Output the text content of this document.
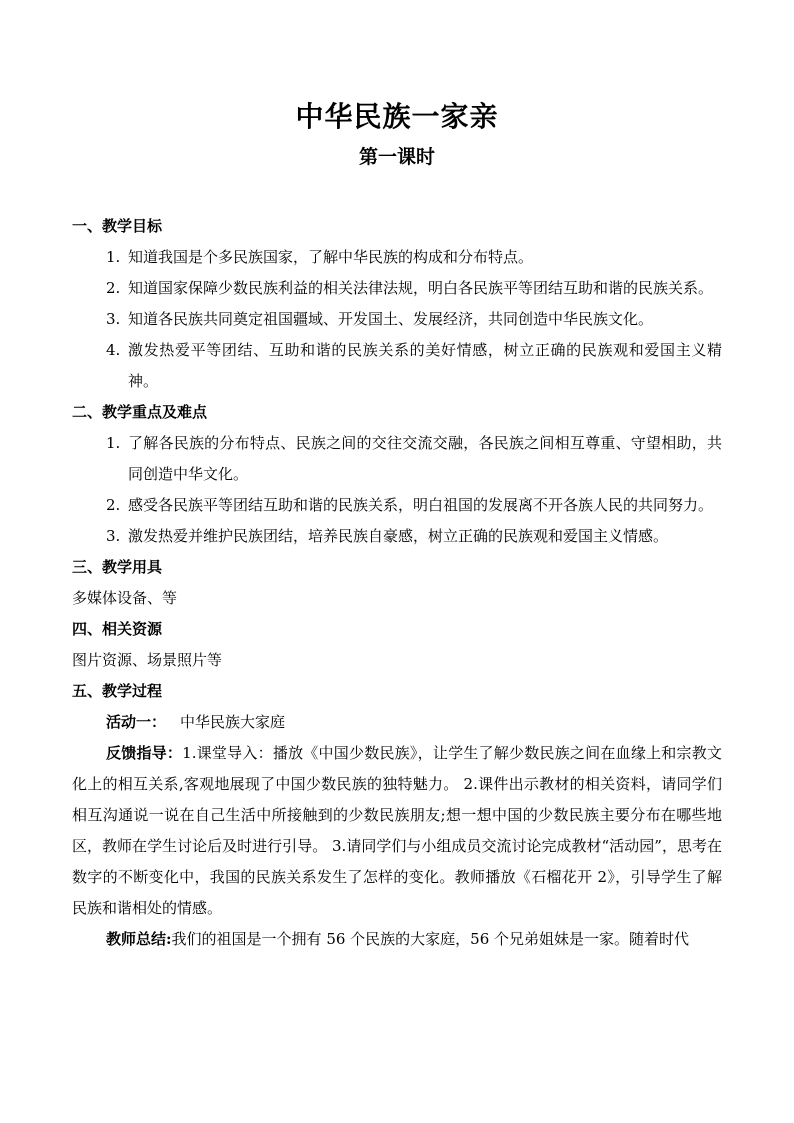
中华民族一家亲
第一课时

一、教学目标

1. 知道我国是个多民族国家，了解中华民族的构成和分布特点。
2. 知道国家保障少数民族利益的相关法律法规，明白各民族平等团结互助和谐的民族关系。
3. 知道各民族共同奠定祖国疆域、开发国土、发展经济，共同创造中华民族文化。
4. 激发热爱平等团结、互助和谐的民族关系的美好情感，树立正确的民族观和爱国主义精神。

二、教学重点及难点

1. 了解各民族的分布特点、民族之间的交往交流交融，各民族之间相互尊重、守望相助，共同创造中华文化。
2. 感受各民族平等团结互助和谐的民族关系，明白祖国的发展离不开各族人民的共同努力。
3. 激发热爱并维护民族团结，培养民族自豪感，树立正确的民族观和爱国主义情感。

三、教学用具

多媒体设备、等

四、相关资源

图片资源、场景照片等

五、教学过程

活动一： 中华民族大家庭

反馈指导：1.课堂导入：播放《中国少数民族》，让学生了解少数民族之间在血缘上和宗教文化上的相互关系,客观地展现了中国少数民族的独特魅力。 2.课件出示教材的相关资料，请同学们相互沟通说一说在自己生活中所接触到的少数民族朋友;想一想中国的少数民族主要分布在哪些地区，教师在学生讨论后及时进行引导。 3.请同学们与小组成员交流讨论完成教材“活动园”，思考在数字的不断变化中，我国的民族关系发生了怎样的变化。教师播放《石榴花开 2》，引导学生了解民族和谐相处的情感。

教师总结:我们的祖国是一个拥有 56 个民族的大家庭，56 个兄弟姐妹是一家。随着时代
